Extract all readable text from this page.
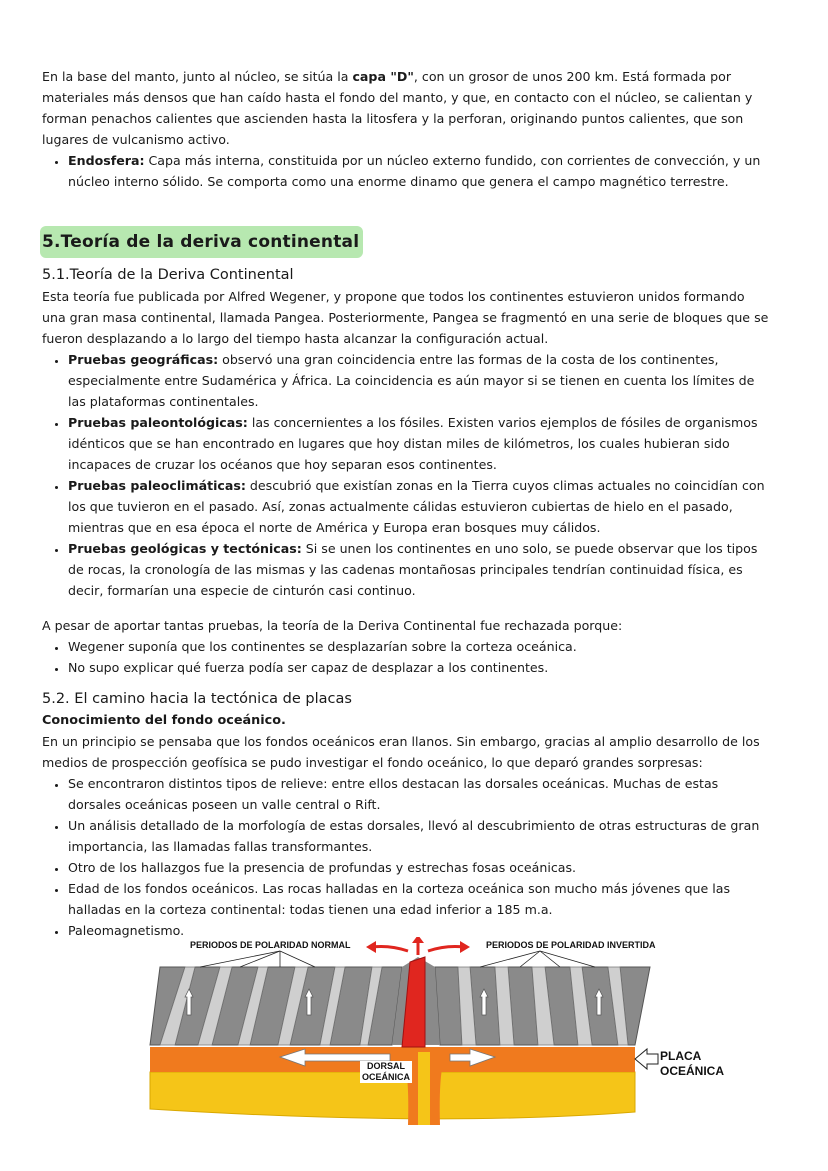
En la base del manto, junto al núcleo, se sitúa la capa "D", con un grosor de unos 200 km. Está formada por materiales más densos que han caído hasta el fondo del manto, y que, en contacto con el núcleo, se calientan y forman penachos calientes que ascienden hasta la litosfera y la perforan, originando puntos calientes, que son lugares de vulcanismo activo.

• Endosfera: Capa más interna, constituida por un núcleo externo fundido, con corrientes de convección, y un núcleo interno sólido. Se comporta como una enorme dinamo que genera el campo magnético terrestre.
5.Teoría de la deriva continental

5.1.Teoría de la Deriva Continental

Esta teoría fue publicada por Alfred Wegener, y propone que todos los continentes estuvieron unidos formando una gran masa continental, llamada Pangea. Posteriormente, Pangea se fragmentó en una serie de bloques que se fueron desplazando a lo largo del tiempo hasta alcanzar la configuración actual.

• Pruebas geográficas: observó una gran coincidencia entre las formas de la costa de los continentes, especialmente entre Sudamérica y África. La coincidencia es aún mayor si se tienen en cuenta los límites de las plataformas continentales.
• Pruebas paleontológicas: las concernientes a los fósiles. Existen varios ejemplos de fósiles de organismos idénticos que se han encontrado en lugares que hoy distan miles de kilómetros, los cuales hubieran sido incapaces de cruzar los océanos que hoy separan esos continentes.
• Pruebas paleoclimáticas: descubrió que existían zonas en la Tierra cuyos climas actuales no coincidían con los que tuvieron en el pasado. Así, zonas actualmente cálidas estuvieron cubiertas de hielo en el pasado, mientras que en esa época el norte de América y Europa eran bosques muy cálidos.
• Pruebas geológicas y tectónicas: Si se unen los continentes en uno solo, se puede observar que los tipos de rocas, la cronología de las mismas y las cadenas montañosas principales tendrían continuidad física, es decir, formarían una especie de cinturón casi continuo.

A pesar de aportar tantas pruebas, la teoría de la Deriva Continental fue rechazada porque:

• Wegener suponía que los continentes se desplazarían sobre la corteza oceánica.
• No supo explicar qué fuerza podía ser capaz de desplazar a los continentes.

5.2. El camino hacia la tectónica de placas

Conocimiento del fondo oceánico.

En un principio se pensaba que los fondos oceánicos eran llanos. Sin embargo, gracias al amplio desarrollo de los medios de prospección geofísica se pudo investigar el fondo oceánico, lo que deparó grandes sorpresas:

• Se encontraron distintos tipos de relieve: entre ellos destacan las dorsales oceánicas. Muchas de estas dorsales oceánicas poseen un valle central o Rift.
• Un análisis detallado de la morfología de estas dorsales, llevó al descubrimiento de otras estructuras de gran importancia, las llamadas fallas transformantes.
• Otro de los hallazgos fue la presencia de profundas y estrechas fosas oceánicas.
• Edad de los fondos oceánicos. Las rocas halladas en la corteza oceánica son mucho más jóvenes que las halladas en la corteza continental: todas tienen una edad inferior a 185 m.a.
• Paleomagnetismo.
PERIODOS DE POLARIDAD NORMAL	PERIODOS DE POLARIDAD INVERTIDA
DORSAL
OCEÁNICA
PLACA
OCEÁNICA
